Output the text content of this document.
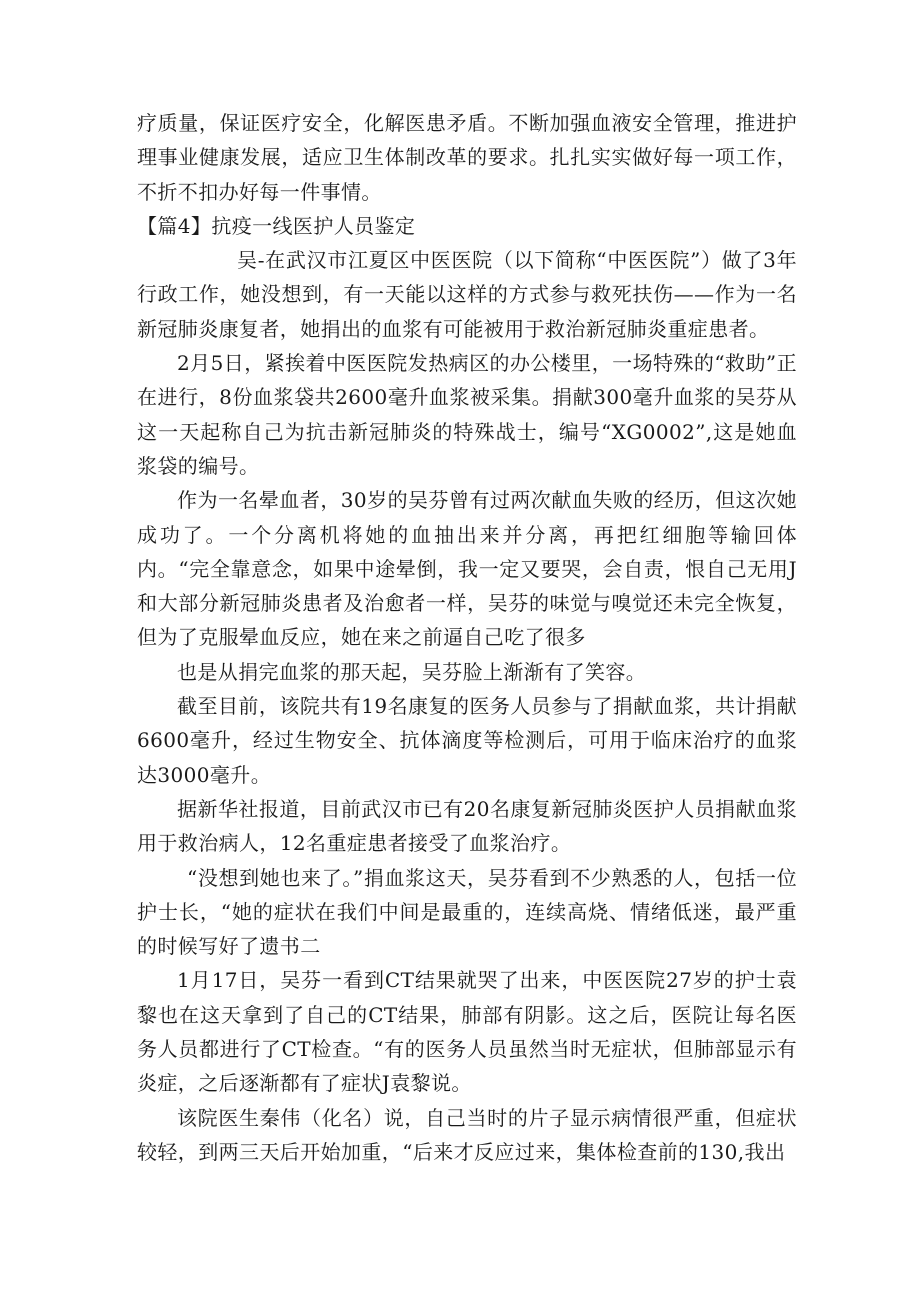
疗质量，保证医疗安全，化解医患矛盾。不断加强血液安全管理，推进护理事业健康发展，适应卫生体制改革的要求。扎扎实实做好每一项工作，不折不扣办好每一件事情。

【篇4】抗疫一线医护人员鉴定

吴-在武汉市江夏区中医医院（以下简称“中医医院”）做了3年行政工作，她没想到，有一天能以这样的方式参与救死扶伤——作为一名新冠肺炎康复者，她捐出的血浆有可能被用于救治新冠肺炎重症患者。

2月5日，紧挨着中医医院发热病区的办公楼里，一场特殊的“救助”正在进行，8份血浆袋共2600毫升血浆被采集。捐献300毫升血浆的吴芬从这一天起称自己为抗击新冠肺炎的特殊战士，编号“XG0002”,这是她血浆袋的编号。

作为一名晕血者，30岁的吴芬曾有过两次献血失败的经历，但这次她成功了。一个分离机将她的血抽出来并分离，再把红细胞等输回体内。“完全靠意念，如果中途晕倒，我一定又要哭，会自责，恨自己无用J和大部分新冠肺炎患者及治愈者一样，吴芬的味觉与嗅觉还未完全恢复，但为了克服晕血反应，她在来之前逼自己吃了很多

也是从捐完血浆的那天起，吴芬脸上渐渐有了笑容。

截至目前，该院共有19名康复的医务人员参与了捐献血浆，共计捐献6600毫升，经过生物安全、抗体滴度等检测后，可用于临床治疗的血浆达3000毫升。

据新华社报道，目前武汉市已有20名康复新冠肺炎医护人员捐献血浆用于救治病人，12名重症患者接受了血浆治疗。

“没想到她也来了。”捐血浆这天，吴芬看到不少熟悉的人，包括一位护士长，“她的症状在我们中间是最重的，连续高烧、情绪低迷，最严重的时候写好了遗书二

1月17日，吴芬一看到CT结果就哭了出来，中医医院27岁的护士袁黎也在这天拿到了自己的CT结果，肺部有阴影。这之后，医院让每名医务人员都进行了CT检查。“有的医务人员虽然当时无症状，但肺部显示有炎症，之后逐渐都有了症状J袁黎说。

该院医生秦伟（化名）说，自己当时的片子显示病情很严重，但症状较轻，到两三天后开始加重，“后来才反应过来，集体检查前的130,我出
